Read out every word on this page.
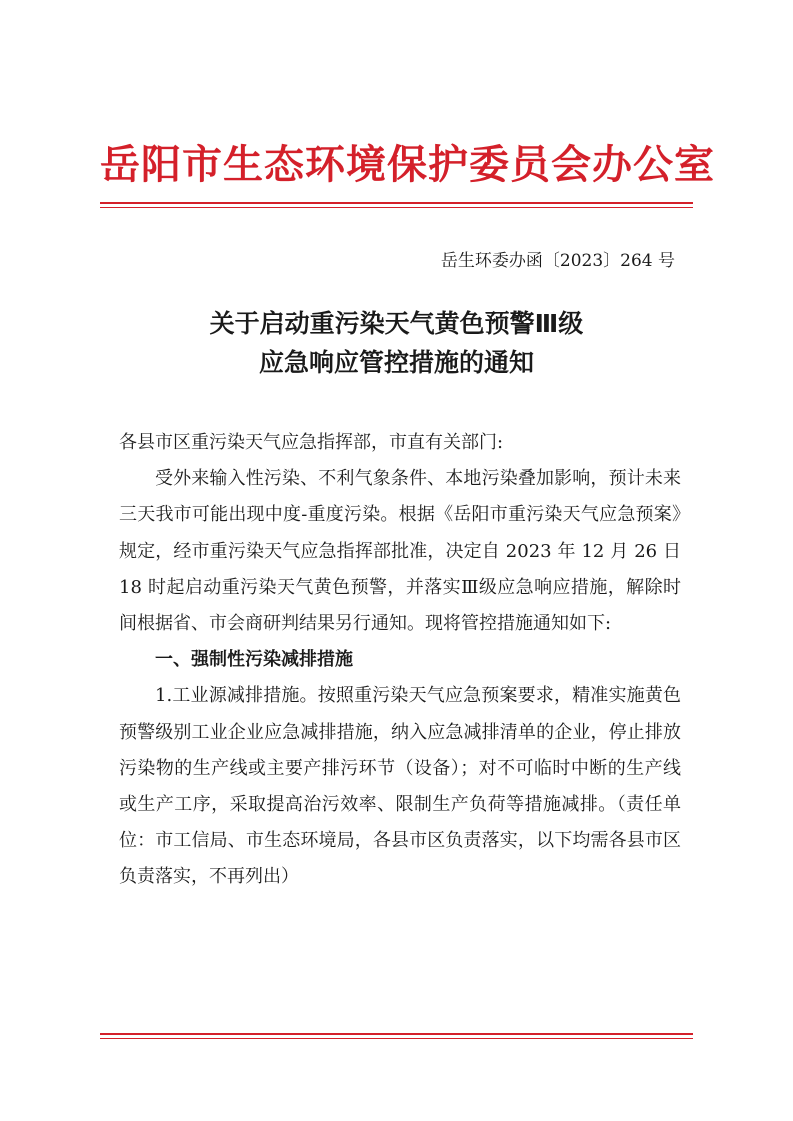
岳阳市生态环境保护委员会办公室
岳生环委办函〔2023〕264 号
关于启动重污染天气黄色预警Ⅲ级
应急响应管控措施的通知

各县市区重污染天气应急指挥部，市直有关部门:

受外来输入性污染、不利气象条件、本地污染叠加影响，预计未来三天我市可能出现中度-重度污染。根据《岳阳市重污染天气应急预案》规定，经市重污染天气应急指挥部批准，决定自 2023 年 12 月 26 日 18 时起启动重污染天气黄色预警，并落实Ⅲ级应急响应措施，解除时间根据省、市会商研判结果另行通知。现将管控措施通知如下:

一、强制性污染减排措施

1.工业源减排措施。按照重污染天气应急预案要求，精准实施黄色预警级别工业企业应急减排措施，纳入应急减排清单的企业，停止排放污染物的生产线或主要产排污环节（设备）；对不可临时中断的生产线或生产工序，采取提高治污效率、限制生产负荷等措施减排。（责任单位：市工信局、市生态环境局，各县市区负责落实，以下均需各县市区负责落实，不再列出）
